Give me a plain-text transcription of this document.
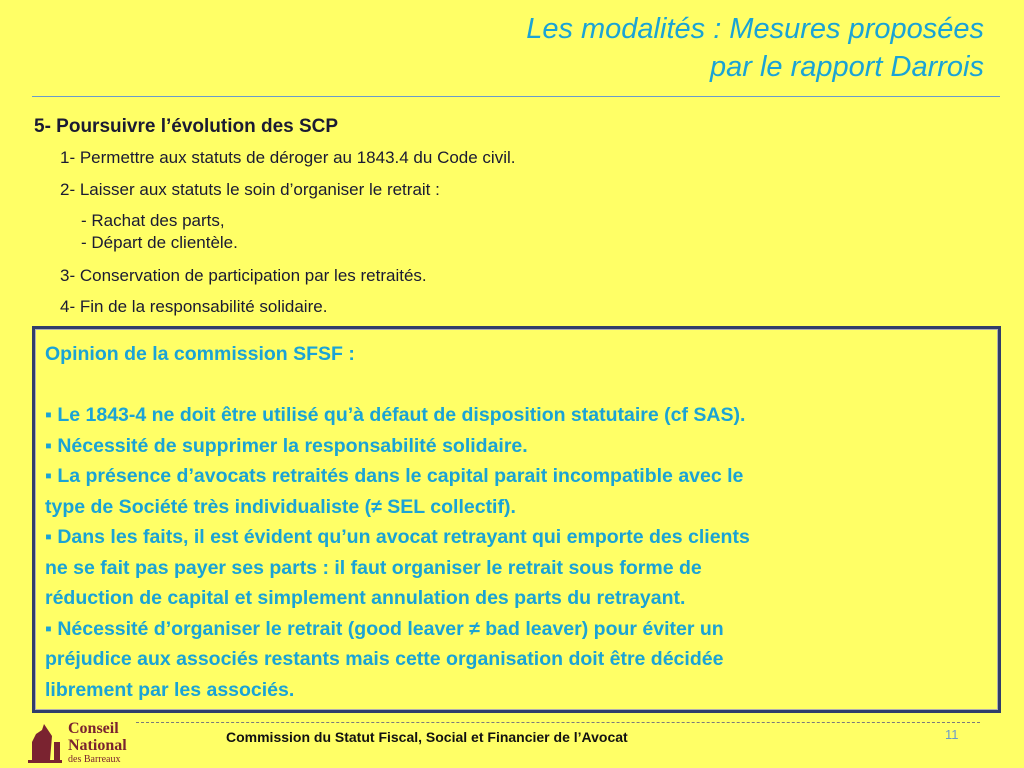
Les modalités : Mesures proposées
par le rapport Darrois
5- Poursuivre l’évolution des SCP
1- Permettre aux statuts de déroger au 1843.4 du Code civil.
2- Laisser aux statuts le soin d’organiser le retrait :
- Rachat des parts,
- Départ de clientèle.
3- Conservation de participation par les retraités.
4- Fin de la responsabilité solidaire.
Opinion de la commission SFSF :
▪ Le 1843-4 ne doit être utilisé qu’à défaut de disposition statutaire (cf SAS).
▪ Nécessité de supprimer la responsabilité solidaire.
▪ La présence d’avocats retraités dans le capital parait incompatible avec le
type de Société très individualiste (≠ SEL collectif).
▪ Dans les faits, il est évident qu’un avocat retrayant qui emporte des clients
ne se fait pas payer ses parts : il faut organiser le retrait sous forme de
réduction de capital et simplement annulation des parts du retrayant.
▪ Nécessité d’organiser le retrait (good leaver ≠ bad leaver) pour éviter un
préjudice aux associés restants mais cette organisation doit être décidée
librement par les associés.
Conseil
National
des Barreaux
Commission du Statut Fiscal, Social et Financier de l’Avocat	11
